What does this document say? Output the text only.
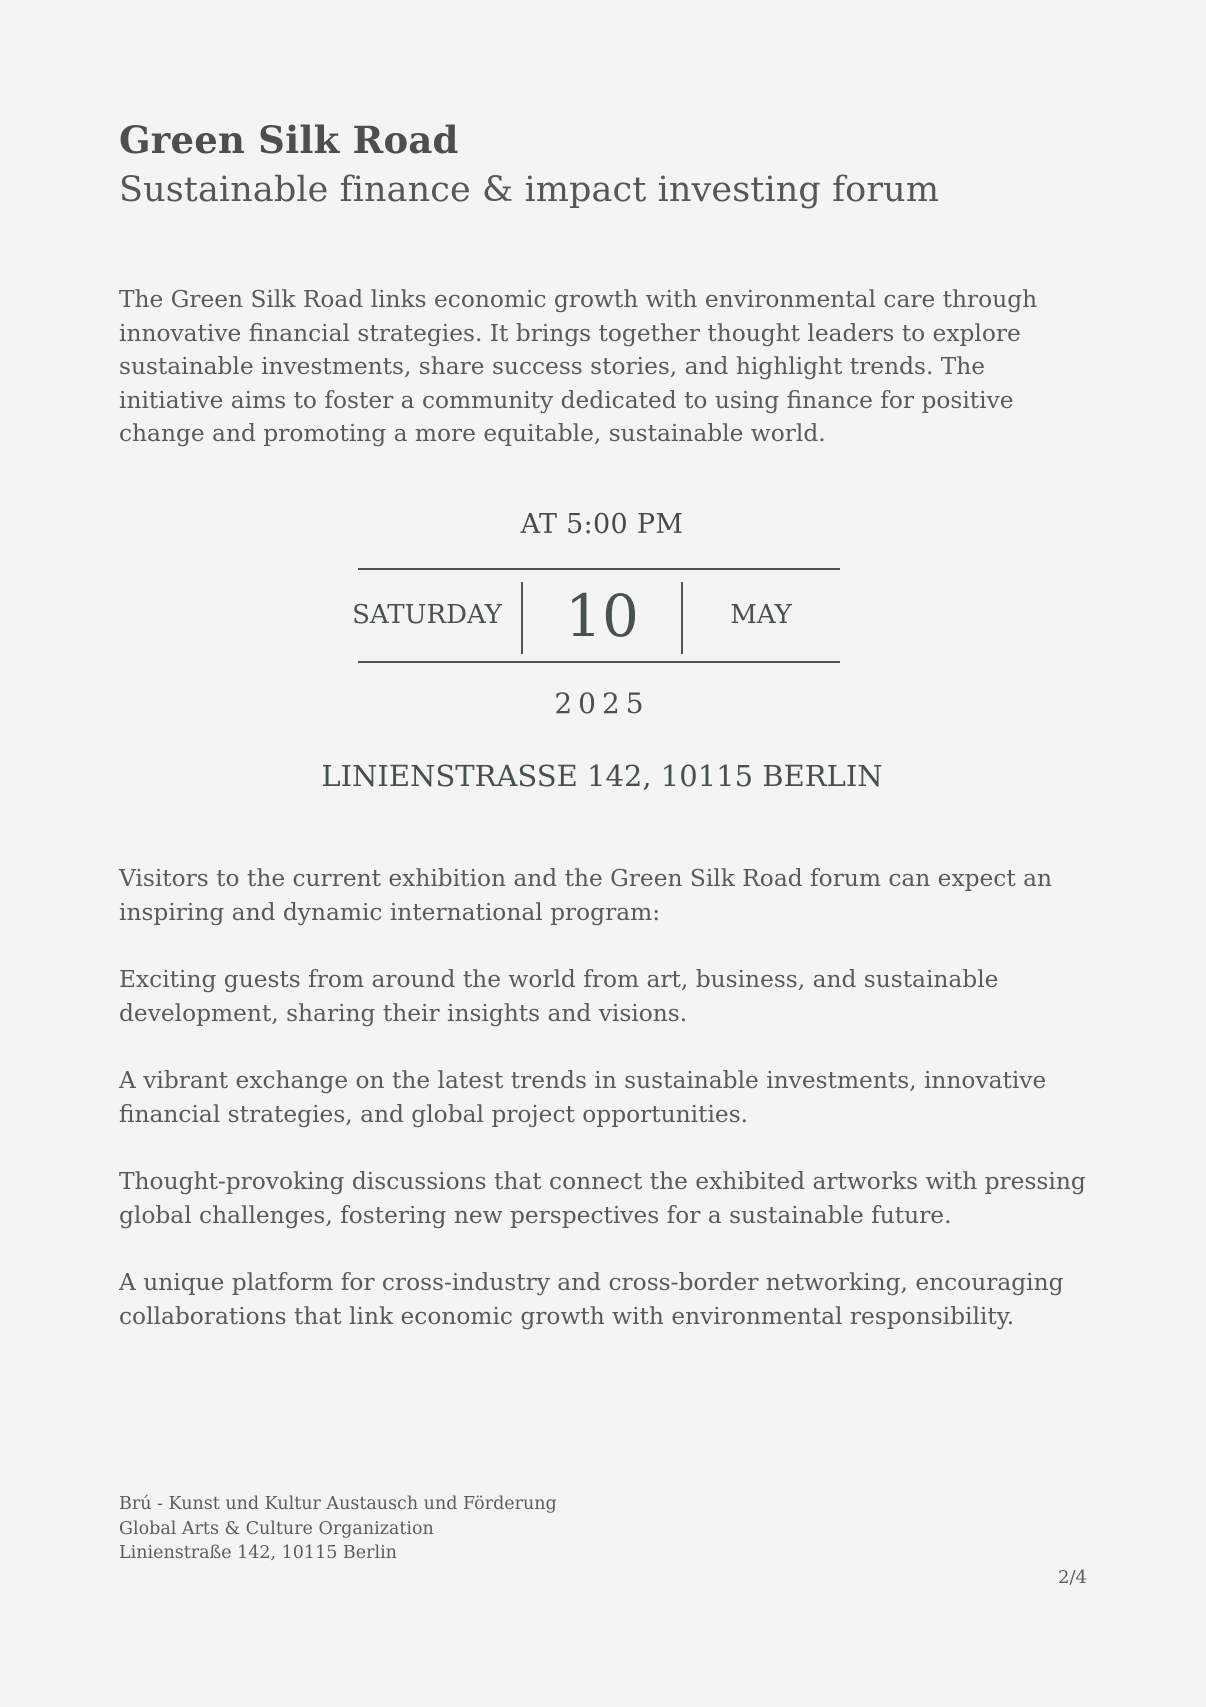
Green Silk Road
Sustainable finance & impact investing forum

The Green Silk Road links economic growth with environmental care through innovative financial strategies. It brings together thought leaders to explore sustainable investments, share success stories, and highlight trends. The initiative aims to foster a community dedicated to using finance for positive change and promoting a more equitable, sustainable world.

AT 5:00 PM
SATURDAY	10	MAY
2025
LINIENSTRASSE 142, 10115 BERLIN

Visitors to the current exhibition and the Green Silk Road forum can expect an inspiring and dynamic international program:

Exciting guests from around the world from art, business, and sustainable development, sharing their insights and visions.

A vibrant exchange on the latest trends in sustainable investments, innovative financial strategies, and global project opportunities.

Thought-provoking discussions that connect the exhibited artworks with pressing global challenges, fostering new perspectives for a sustainable future.

A unique platform for cross-industry and cross-border networking, encouraging collaborations that link economic growth with environmental responsibility.

Brú - Kunst und Kultur Austausch und Förderung
Global Arts & Culture Organization
Linienstraße 142, 10115 Berlin
2/4
